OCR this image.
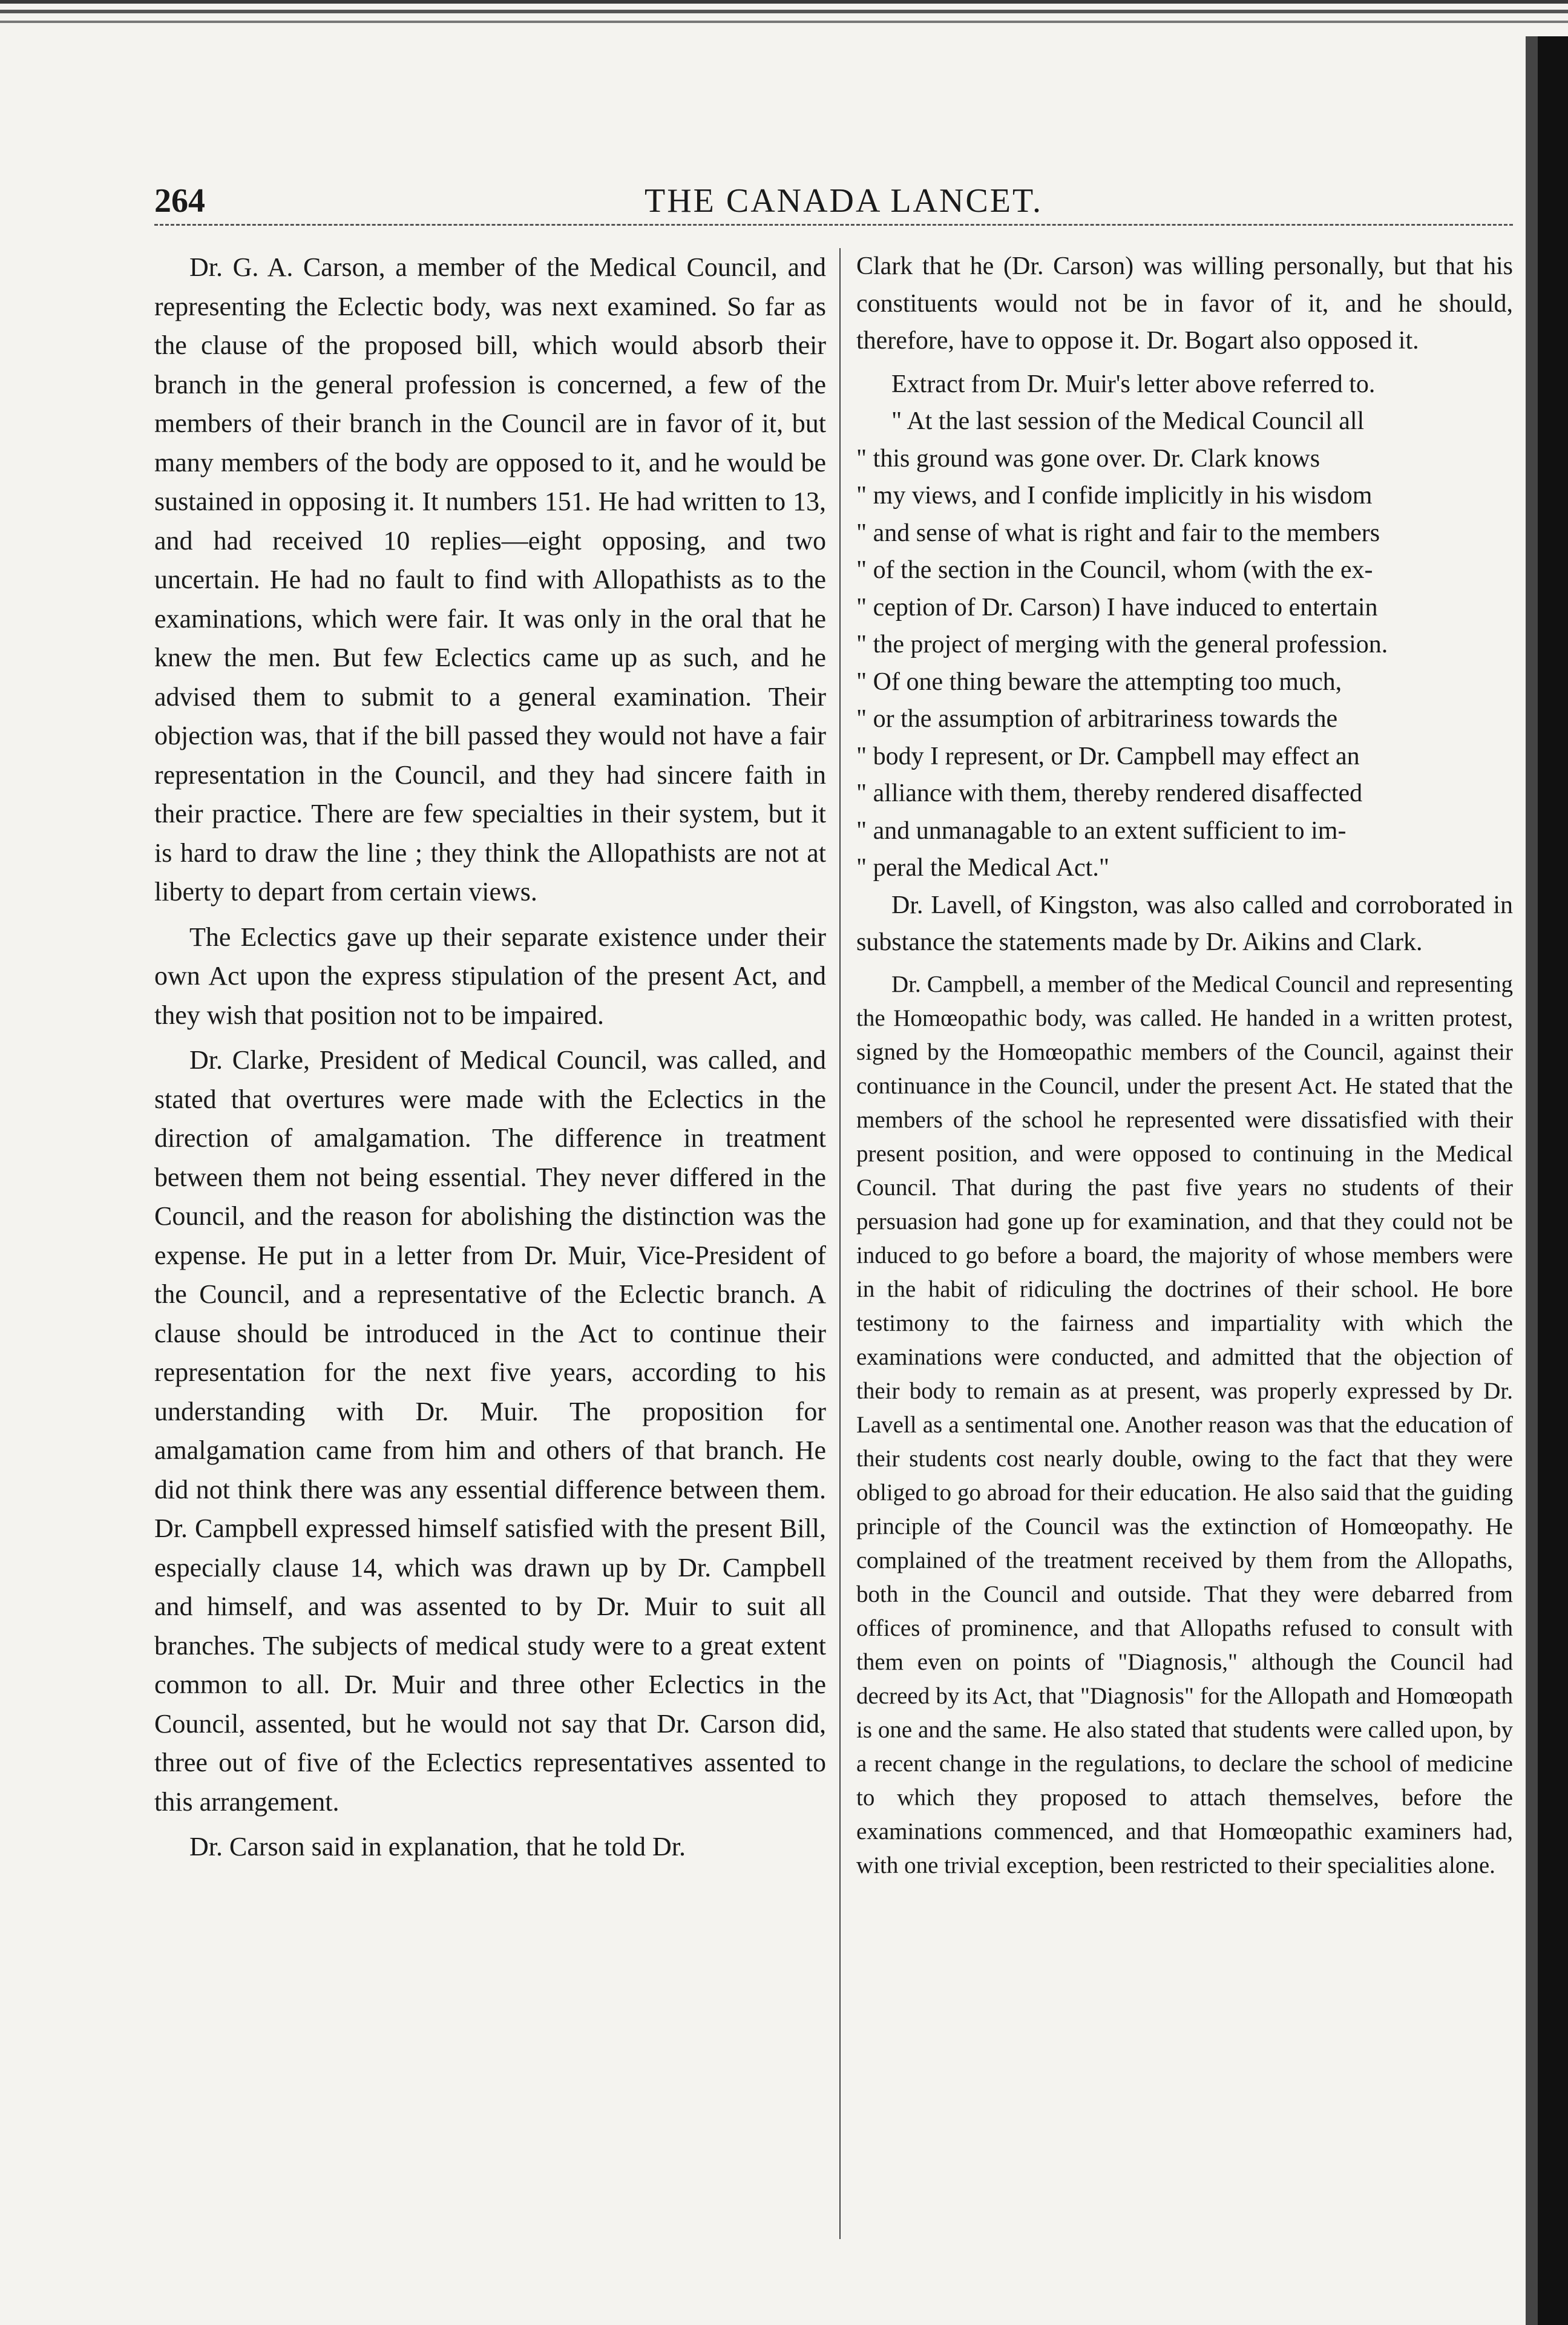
264	THE CANADA LANCET.

Dr. G. A. Carson, a member of the Medical Council, and representing the Eclectic body, was next examined. So far as the clause of the proposed bill, which would absorb their branch in the general profession is concerned, a few of the members of their branch in the Council are in favor of it, but many members of the body are opposed to it, and he would be sustained in opposing it. It numbers 151. He had written to 13, and had received 10 replies—eight opposing, and two uncertain. He had no fault to find with Allopathists as to the examinations, which were fair. It was only in the oral that he knew the men. But few Eclectics came up as such, and he advised them to submit to a general examination. Their objection was, that if the bill passed they would not have a fair representation in the Council, and they had sincere faith in their practice. There are few specialties in their system, but it is hard to draw the line ; they think the Allopathists are not at liberty to depart from certain views.

The Eclectics gave up their separate existence under their own Act upon the express stipulation of the present Act, and they wish that position not to be impaired.

Dr. Clarke, President of Medical Council, was called, and stated that overtures were made with the Eclectics in the direction of amalgamation. The difference in treatment between them not being essential. They never differed in the Council, and the reason for abolishing the distinction was the expense. He put in a letter from Dr. Muir, Vice-President of the Council, and a representative of the Eclectic branch. A clause should be introduced in the Act to continue their representation for the next five years, according to his understanding with Dr. Muir. The proposition for amalgamation came from him and others of that branch. He did not think there was any essential difference between them. Dr. Campbell expressed himself satisfied with the present Bill, especially clause 14, which was drawn up by Dr. Campbell and himself, and was assented to by Dr. Muir to suit all branches. The subjects of medical study were to a great extent common to all. Dr. Muir and three other Eclectics in the Council, assented, but he would not say that Dr. Carson did, three out of five of the Eclectics representatives assented to this arrangement.

Dr. Carson said in explanation, that he told Dr.

Clark that he (Dr. Carson) was willing personally, but that his constituents would not be in favor of it, and he should, therefore, have to oppose it. Dr. Bogart also opposed it.

Extract from Dr. Muir's letter above referred to.

" At the last session of the Medical Council all
" this ground was gone over. Dr. Clark knows
" my views, and I confide implicitly in his wisdom
" and sense of what is right and fair to the members
" of the section in the Council, whom (with the ex-
" ception of Dr. Carson) I have induced to entertain
" the project of merging with the general profession.
" Of one thing beware the attempting too much,
" or the assumption of arbitrariness towards the
" body I represent, or Dr. Campbell may effect an
" alliance with them, thereby rendered disaffected
" and unmanagable to an extent sufficient to im-
" peral the Medical Act."

Dr. Lavell, of Kingston, was also called and corroborated in substance the statements made by Dr. Aikins and Clark.

Dr. Campbell, a member of the Medical Council and representing the Homœopathic body, was called. He handed in a written protest, signed by the Homœopathic members of the Council, against their continuance in the Council, under the present Act. He stated that the members of the school he represented were dissatisfied with their present position, and were opposed to continuing in the Medical Council. That during the past five years no students of their persuasion had gone up for examination, and that they could not be induced to go before a board, the majority of whose members were in the habit of ridiculing the doctrines of their school. He bore testimony to the fairness and impartiality with which the examinations were conducted, and admitted that the objection of their body to remain as at present, was properly expressed by Dr. Lavell as a sentimental one. Another reason was that the education of their students cost nearly double, owing to the fact that they were obliged to go abroad for their education. He also said that the guiding principle of the Council was the extinction of Homœopathy. He complained of the treatment received by them from the Allopaths, both in the Council and outside. That they were debarred from offices of prominence, and that Allopaths refused to consult with them even on points of "Diagnosis," although the Council had decreed by its Act, that "Diagnosis" for the Allopath and Homœopath is one and the same. He also stated that students were called upon, by a recent change in the regulations, to declare the school of medicine to which they proposed to attach themselves, before the examinations commenced, and that Homœopathic examiners had, with one trivial exception, been restricted to their specialities alone.
